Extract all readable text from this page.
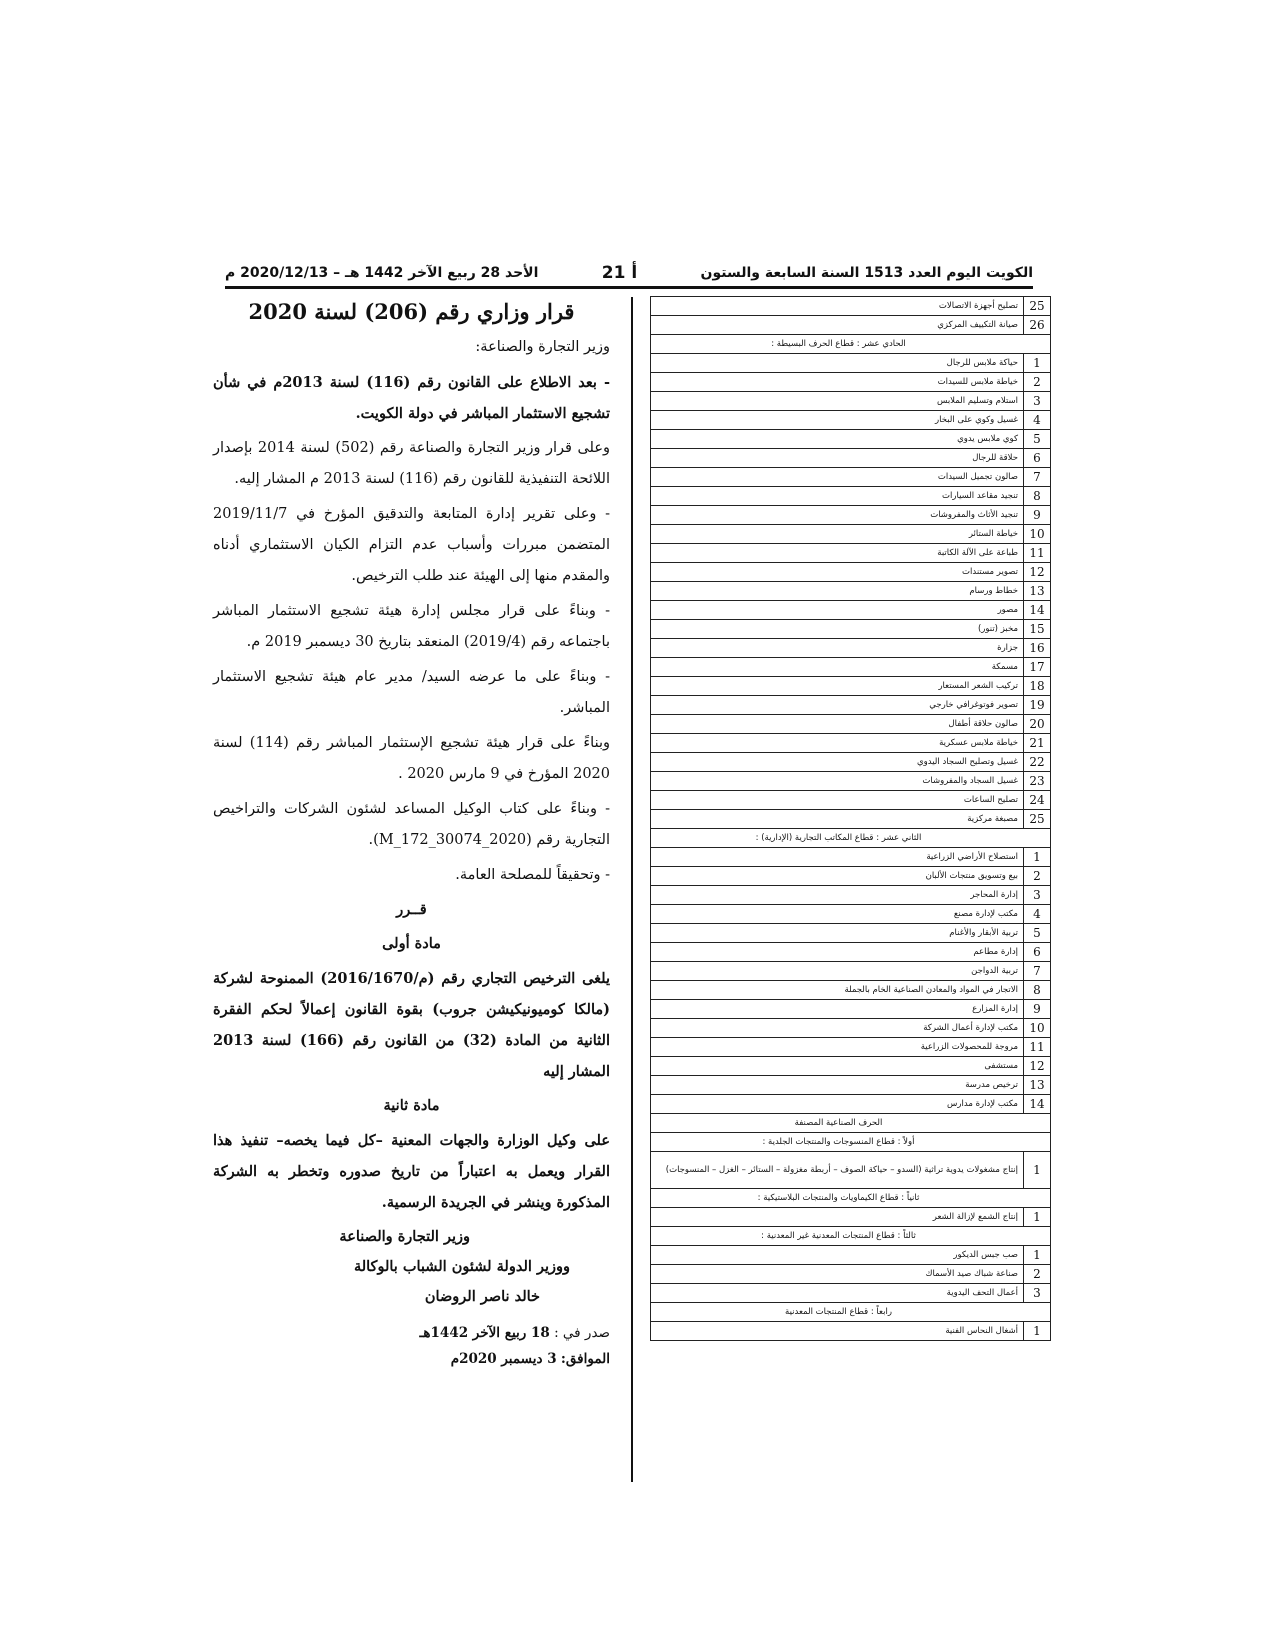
الكويت اليوم العدد 1513 السنة السابعة والستون
أ 21
الأحد 28 ربيع الآخر 1442 هـ – 2020/12/13 م
25	تصليح أجهزة الاتصالات
26	صيانة التكييف المركزي
الحادي عشر : قطاع الحرف البسيطة :	
1	حياكة ملابس للرجال
2	خياطة ملابس للسيدات
3	استلام وتسليم الملابس
4	غسيل وكوي على البخار
5	كوي ملابس يدوي
6	حلاقة للرجال
7	صالون تجميل السيدات
8	تنجيد مقاعد السيارات
9	تنجيد الأثاث والمفروشات
10	خياطة الستائر
11	طباعة على الآلة الكاتبة
12	تصوير مستندات
13	خطاط ورسام
14	مصور
15	مخبز (تنور)
16	جزارة
17	مسمكة
18	تركيب الشعر المستعار
19	تصوير فوتوغرافي خارجي
20	صالون حلاقة أطفال
21	خياطة ملابس عسكرية
22	غسيل وتصليح السجاد اليدوي
23	غسيل السجاد والمفروشات
24	تصليح الساعات
25	مصبغة مركزية
الثاني عشر : قطاع المكاتب التجارية (الإدارية) :	
1	استصلاح الأراضي الزراعية
2	بيع وتسويق منتجات الألبان
3	إدارة المحاجر
4	مكتب لإدارة مصنع
5	تربية الأبقار والأغنام
6	إدارة مطاعم
7	تربية الدواجن
8	الاتجار في المواد والمعادن الصناعية الخام بالجملة
9	إدارة المزارع
10	مكتب لإدارة أعمال الشركة
11	مروجة للمحصولات الزراعية
12	مستشفى
13	ترخيص مدرسة
14	مكتب لإدارة مدارس
الحرف الصناعية المصنفة	
أولاً : قطاع المنسوجات والمنتجات الجلدية :	
1	إنتاج مشغولات يدوية تراثية (السدو – حياكة الصوف – أربطة مغزولة – الستائر – الغزل – المنسوجات)
ثانياً : قطاع الكيماويات والمنتجات البلاستيكية :	
1	إنتاج الشمع لإزالة الشعر
ثالثاً : قطاع المنتجات المعدنية غير المعدنية :	
1	صب جبس الديكور
2	صناعة شباك صيد الأسماك
3	أعمال التحف اليدوية
رابعاً : قطاع المنتجات المعدنية	
1	أشغال النحاس الفنية
قرار وزاري رقم (206) لسنة 2020

وزير التجارة والصناعة:

- بعد الاطلاع على القانون رقم (116) لسنة 2013م في شأن تشجيع الاستثمار المباشر في دولة الكويت.

وعلى قرار وزير التجارة والصناعة رقم (502) لسنة 2014 بإصدار اللائحة التنفيذية للقانون رقم (116) لسنة 2013 م المشار إليه.

- وعلى تقرير إدارة المتابعة والتدقيق المؤرخ في 2019/11/7 المتضمن مبررات وأسباب عدم التزام الكيان الاستثماري أدناه والمقدم منها إلى الهيئة عند طلب الترخيص.

- وبناءً على قرار مجلس إدارة هيئة تشجيع الاستثمار المباشر باجتماعه رقم (2019/4) المنعقد بتاريخ 30 ديسمبر 2019 م.

- وبناءً على ما عرضه السيد/ مدير عام هيئة تشجيع الاستثمار المباشر.

وبناءً على قرار هيئة تشجيع الإستثمار المباشر رقم (114) لسنة 2020 المؤرخ في 9 مارس 2020 .

- وبناءً على كتاب الوكيل المساعد لشئون الشركات والتراخيص التجارية رقم (M_172_30074_2020).

- وتحقيقاً للمصلحة العامة.

قــرر
مادة أولى

يلغى الترخيص التجاري رقم (م/2016/1670) الممنوحة لشركة (مالكا كوميونيكيشن جروب) بقوة القانون إعمالاً لحكم الفقرة الثانية من المادة (32) من القانون رقم (166) لسنة 2013 المشار إليه

مادة ثانية

على وكيل الوزارة والجهات المعنية –كل فيما يخصه– تنفيذ هذا القرار ويعمل به اعتباراً من تاريخ صدوره وتخطر به الشركة المذكورة وينشر في الجريدة الرسمية.

وزير التجارة والصناعة
ووزير الدولة لشئون الشباب بالوكالة
خالد ناصر الروضان
صدر في : 18 ربيع الآخر 1442هـ
الموافق: 3 ديسمبر 2020م
